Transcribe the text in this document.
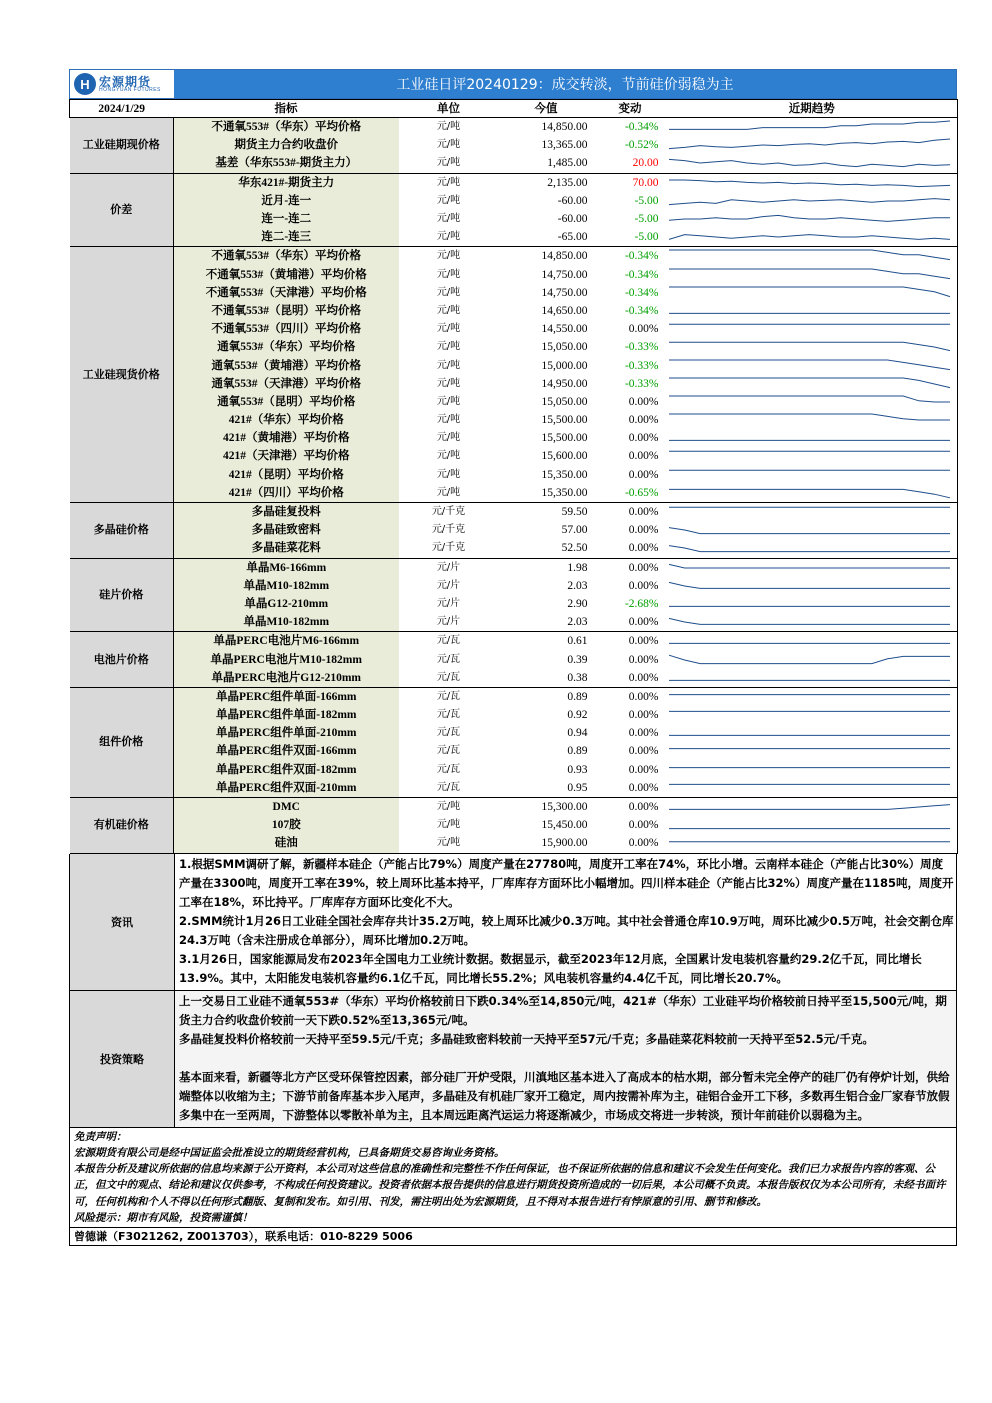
H 宏源期货
HONGYUAN FUTURES	工业硅日评20240129：成交转淡，节前硅价弱稳为主
2024/1/29	指标	单位	今值	变动	近期趋势
工业硅期现价格	不通氧553#（华东）平均价格	元/吨	14,850.00	-0.34%	

	期货主力合约收盘价	元/吨	13,365.00	-0.52%	

	基差（华东553#-期货主力）	元/吨	1,485.00	20.00	

价差	华东421#-期货主力	元/吨	2,135.00	70.00	

	近月-连一	元/吨	-60.00	-5.00	

	连一-连二	元/吨	-60.00	-5.00	

	连二-连三	元/吨	-65.00	-5.00	

工业硅现货价格	不通氧553#（华东）平均价格	元/吨	14,850.00	-0.34%	

	不通氧553#（黄埔港）平均价格	元/吨	14,750.00	-0.34%	

	不通氧553#（天津港）平均价格	元/吨	14,750.00	-0.34%	

	不通氧553#（昆明）平均价格	元/吨	14,650.00	-0.34%	

	不通氧553#（四川）平均价格	元/吨	14,550.00	0.00%	

	通氧553#（华东）平均价格	元/吨	15,050.00	-0.33%	

	通氧553#（黄埔港）平均价格	元/吨	15,000.00	-0.33%	

	通氧553#（天津港）平均价格	元/吨	14,950.00	-0.33%	

	通氧553#（昆明）平均价格	元/吨	15,050.00	0.00%	

	421#（华东）平均价格	元/吨	15,500.00	0.00%	

	421#（黄埔港）平均价格	元/吨	15,500.00	0.00%	

	421#（天津港）平均价格	元/吨	15,600.00	0.00%	

	421#（昆明）平均价格	元/吨	15,350.00	0.00%	

	421#（四川）平均价格	元/吨	15,350.00	-0.65%	

多晶硅价格	多晶硅复投料	元/千克	59.50	0.00%	

	多晶硅致密料	元/千克	57.00	0.00%	

	多晶硅菜花料	元/千克	52.50	0.00%	

硅片价格	单晶M6-166mm	元/片	1.98	0.00%	

	单晶M10-182mm	元/片	2.03	0.00%	

	单晶G12-210mm	元/片	2.90	-2.68%	

	单晶M10-182mm	元/片	2.03	0.00%	

电池片价格	单晶PERC电池片M6-166mm	元/瓦	0.61	0.00%	

	单晶PERC电池片M10-182mm	元/瓦	0.39	0.00%	

	单晶PERC电池片G12-210mm	元/瓦	0.38	0.00%	

组件价格	单晶PERC组件单面-166mm	元/瓦	0.89	0.00%	

	单晶PERC组件单面-182mm	元/瓦	0.92	0.00%	

	单晶PERC组件单面-210mm	元/瓦	0.94	0.00%	

	单晶PERC组件双面-166mm	元/瓦	0.89	0.00%	

	单晶PERC组件双面-182mm	元/瓦	0.93	0.00%	

	单晶PERC组件双面-210mm	元/瓦	0.95	0.00%	

有机硅价格	DMC	元/吨	15,300.00	0.00%	

	107胶	元/吨	15,450.00	0.00%	

	硅油	元/吨	15,900.00	0.00%	
资讯

1.根据SMM调研了解，新疆样本硅企（产能占比79%）周度产量在27780吨，周度开工率在74%，环比小增。云南样本硅企（产能占比30%）周度产量在3300吨，周度开工率在39%，较上周环比基本持平，厂库库存方面环比小幅增加。四川样本硅企（产能占比32%）周度产量在1185吨，周度开工率在18%，环比持平。厂库库存方面环比变化不大。

2.SMM统计1月26日工业硅全国社会库存共计35.2万吨，较上周环比减少0.3万吨。其中社会普通仓库10.9万吨，周环比减少0.5万吨，社会交割仓库24.3万吨（含未注册成仓单部分），周环比增加0.2万吨。

3.1月26日，国家能源局发布2023年全国电力工业统计数据。数据显示，截至2023年12月底，全国累计发电装机容量约29.2亿千瓦，同比增长13.9%。其中，太阳能发电装机容量约6.1亿千瓦，同比增长55.2%；风电装机容量约4.4亿千瓦，同比增长20.7%。

投资策略

上一交易日工业硅不通氧553#（华东）平均价格较前日下跌0.34%至14,850元/吨，421#（华东）工业硅平均价格较前日持平至15,500元/吨，期货主力合约收盘价较前一天下跌0.52%至13,365元/吨。

多晶硅复投料价格较前一天持平至59.5元/千克；多晶硅致密料较前一天持平至57元/千克；多晶硅菜花料较前一天持平至52.5元/千克。

基本面来看，新疆等北方产区受环保管控因素，部分硅厂开炉受限，川滇地区基本进入了高成本的枯水期，部分暂未完全停产的硅厂仍有停炉计划，供给端整体以收缩为主；下游节前备库基本步入尾声，多晶硅及有机硅厂家开工稳定，周内按需补库为主，硅铝合金开工下移，多数再生铝合金厂家春节放假多集中在一至两周，下游整体以零散补单为主，且本周远距离汽运运力将逐渐减少，市场成交将进一步转淡，预计年前硅价以弱稳为主。

免责声明：
宏源期货有限公司是经中国证监会批准设立的期货经营机构，已具备期货交易咨询业务资格。
本报告分析及建议所依据的信息均来源于公开资料，本公司对这些信息的准确性和完整性不作任何保证，也不保证所依据的信息和建议不会发生任何变化。我们已力求报告内容的客观、公正，但文中的观点、结论和建议仅供参考，不构成任何投资建议。投资者依据本报告提供的信息进行期货投资所造成的一切后果，本公司概不负责。本报告版权仅为本公司所有，未经书面许可，任何机构和个人不得以任何形式翻版、复制和发布。如引用、刊发，需注明出处为宏源期货，且不得对本报告进行有悖原意的引用、删节和修改。
风险提示：期市有风险，投资需谨慎！
曾德谦（F3021262, Z0013703），联系电话：010-8229 5006
